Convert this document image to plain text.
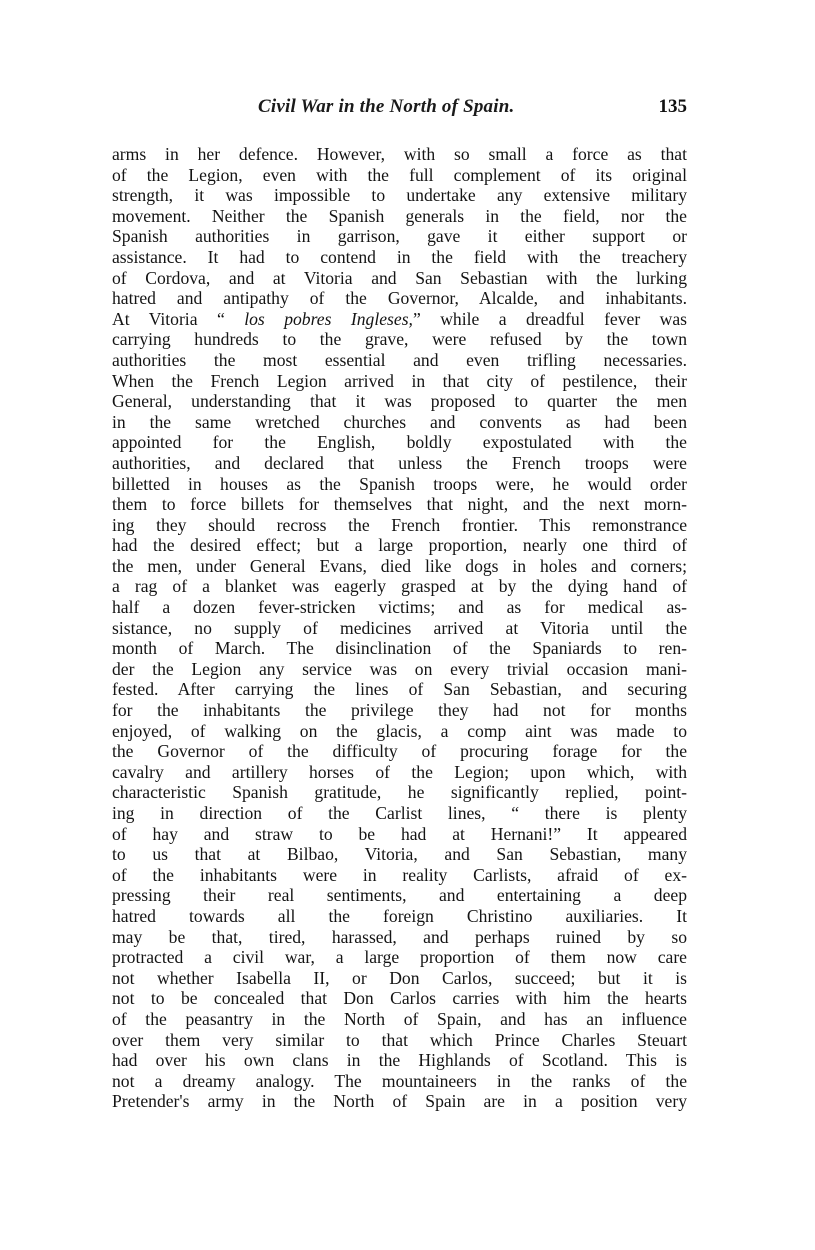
Civil War in the North of Spain.	135
arms in her defence. However, with so small a force as that
of the Legion, even with the full complement of its original
strength, it was impossible to undertake any extensive military
movement. Neither the Spanish generals in the field, nor the
Spanish authorities in garrison, gave it either support or
assistance. It had to contend in the field with the treachery
of Cordova, and at Vitoria and San Sebastian with the lurking
hatred and antipathy of the Governor, Alcalde, and inhabitants.
At Vitoria “ los pobres Ingleses,” while a dreadful fever was
carrying hundreds to the grave, were refused by the town
authorities the most essential and even trifling necessaries.
When the French Legion arrived in that city of pestilence, their
General, understanding that it was proposed to quarter the men
in the same wretched churches and convents as had been
appointed for the English, boldly expostulated with the
authorities, and declared that unless the French troops were
billetted in houses as the Spanish troops were, he would order
them to force billets for themselves that night, and the next morn-
ing they should recross the French frontier. This remonstrance
had the desired effect; but a large proportion, nearly one third of
the men, under General Evans, died like dogs in holes and corners;
a rag of a blanket was eagerly grasped at by the dying hand of
half a dozen fever-stricken victims; and as for medical as-
sistance, no supply of medicines arrived at Vitoria until the
month of March. The disinclination of the Spaniards to ren-
der the Legion any service was on every trivial occasion mani-
fested. After carrying the lines of San Sebastian, and securing
for the inhabitants the privilege they had not for months
enjoyed, of walking on the glacis, a comp aint was made to
the Governor of the difficulty of procuring forage for the
cavalry and artillery horses of the Legion; upon which, with
characteristic Spanish gratitude, he significantly replied, point-
ing in direction of the Carlist lines, “ there is plenty
of hay and straw to be had at Hernani!” It appeared
to us that at Bilbao, Vitoria, and San Sebastian, many
of the inhabitants were in reality Carlists, afraid of ex-
pressing their real sentiments, and entertaining a deep
hatred towards all the foreign Christino auxiliaries. It
may be that, tired, harassed, and perhaps ruined by so
protracted a civil war, a large proportion of them now care
not whether Isabella II, or Don Carlos, succeed; but it is
not to be concealed that Don Carlos carries with him the hearts
of the peasantry in the North of Spain, and has an influence
over them very similar to that which Prince Charles Steuart
had over his own clans in the Highlands of Scotland. This is
not a dreamy analogy. The mountaineers in the ranks of the
Pretender's army in the North of Spain are in a position very
